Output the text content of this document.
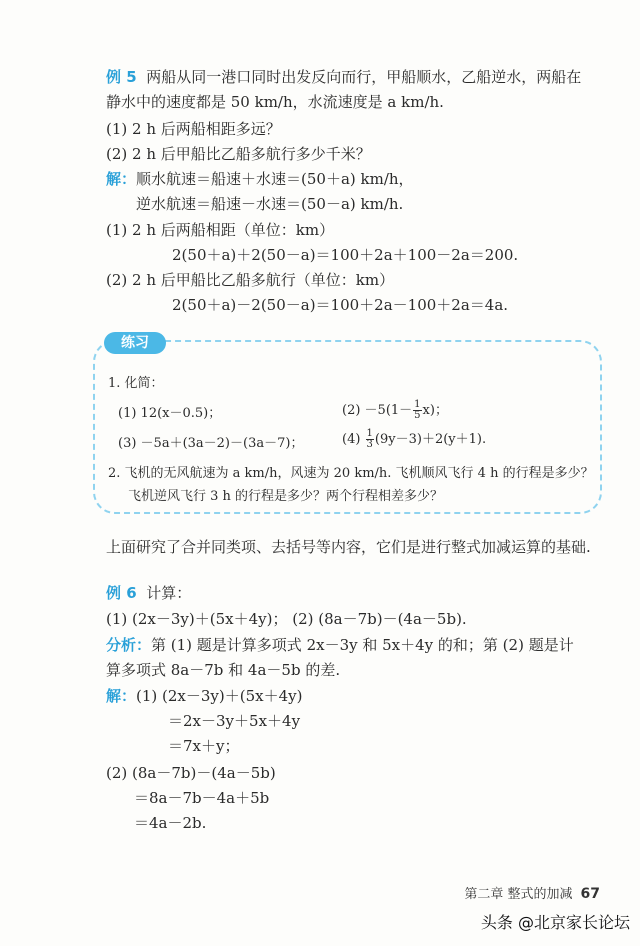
例 5 两船从同一港口同时出发反向而行，甲船顺水，乙船逆水，两船在
静水中的速度都是 50 km/h，水流速度是 a km/h.
(1) 2 h 后两船相距多远？
(2) 2 h 后甲船比乙船多航行多少千米？
解：顺水航速＝船速＋水速＝(50＋a) km/h，
逆水航速＝船速－水速＝(50－a) km/h.
(1) 2 h 后两船相距（单位：km）
2(50＋a)＋2(50－a)＝100＋2a＋100－2a＝200.
(2) 2 h 后甲船比乙船多航行（单位：km）
2(50＋a)－2(50－a)＝100＋2a－100＋2a＝4a.
练习
1. 化简：
(1) 12(x－0.5)；	$(2) -5(1- \frac{1}{5} x)$；
(3) －5a＋(3a－2)－(3a－7)；	$(4) \frac{1}{3} (9y-3)+2(y+1)$.
2. 飞机的无风航速为 a km/h，风速为 20 km/h. 飞机顺风飞行 4 h 的行程是多少？
飞机逆风飞行 3 h 的行程是多少？两个行程相差多少？
上面研究了合并同类项、去括号等内容，它们是进行整式加减运算的基础.
例 6 计算：
(1) (2x－3y)＋(5x＋4y)； (2) (8a－7b)－(4a－5b).
分析：第 (1) 题是计算多项式 2x－3y 和 5x＋4y 的和；第 (2) 题是计
算多项式 8a－7b 和 4a－5b 的差.
解：(1) (2x－3y)＋(5x＋4y)
＝2x－3y＋5x＋4y
＝7x＋y；
(2) (8a－7b)－(4a－5b)
＝8a－7b－4a＋5b
＝4a－2b.
第二章 整式的加减 67
头条 @北京家长论坛
